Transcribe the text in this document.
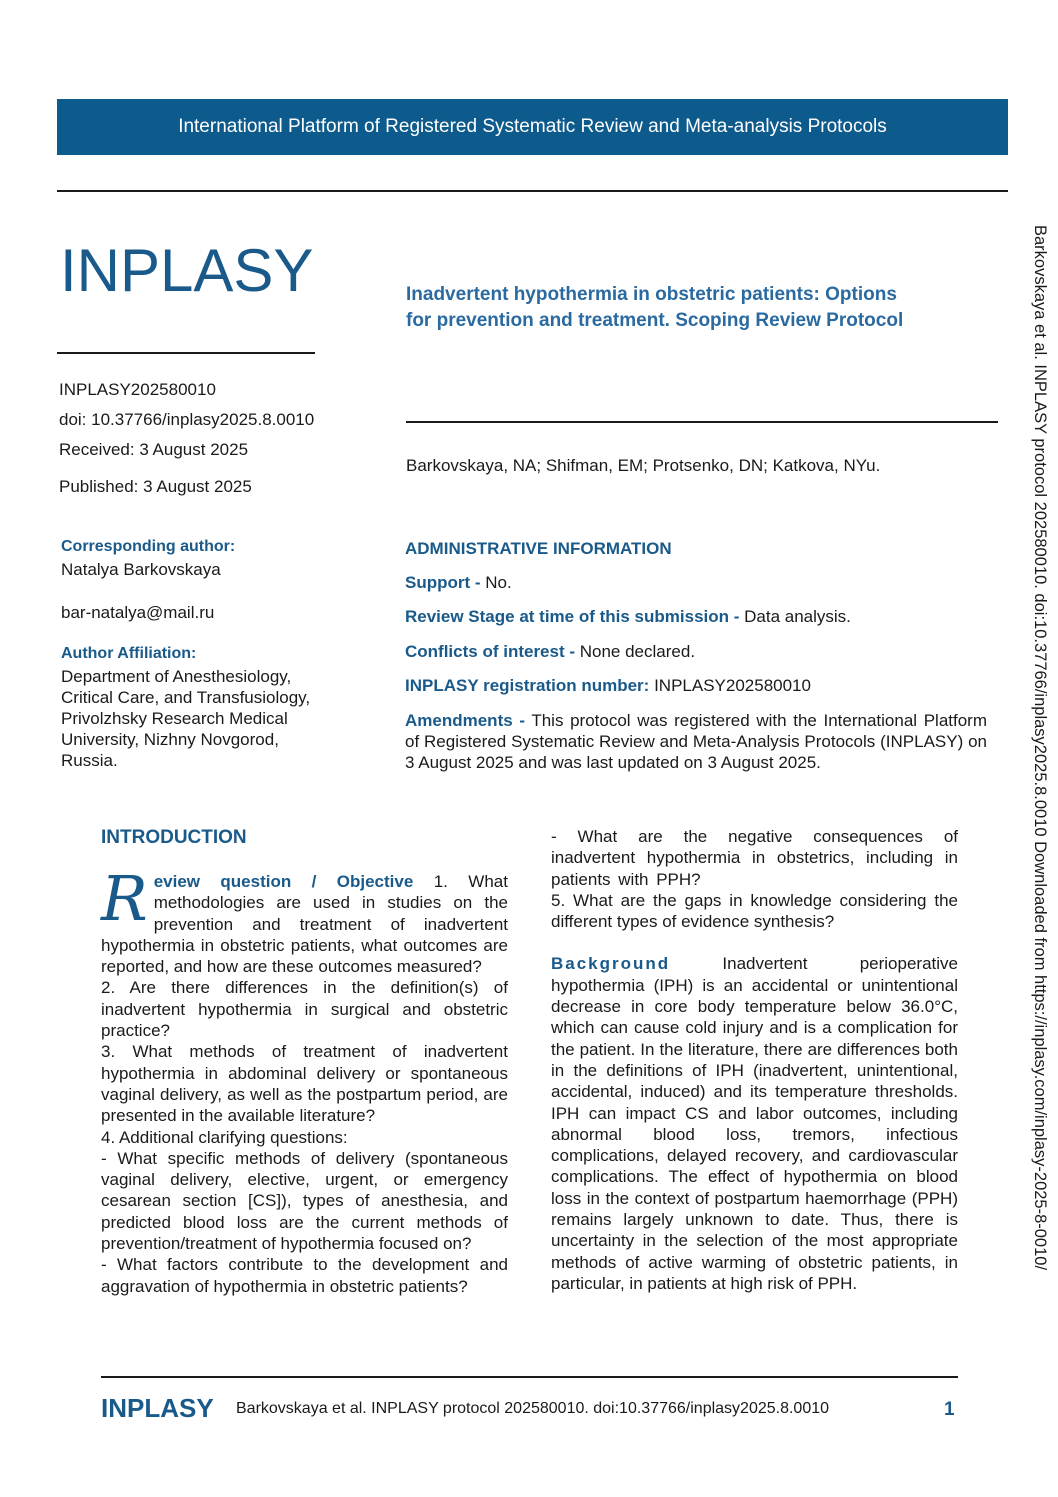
International Platform of Registered Systematic Review and Meta-analysis Protocols
INPLASY	Inadvertent hypothermia in obstetric patients: Options
for prevention and treatment. Scoping Review Protocol
INPLASY202580010
doi: 10.37766/inplasy2025.8.0010
Received: 3 August 2025
Published: 3 August 2025
Barkovskaya, NA; Shifman, EM; Protsenko, DN; Katkova, NYu.
Corresponding author:
Natalya Barkovskaya
bar-natalya@mail.ru
Author Affiliation:
Department of Anesthesiology,
Critical Care, and Transfusiology,
Privolzhsky Research Medical
University, Nizhny Novgorod,
Russia.
ADMINISTRATIVE INFORMATION
Support - No.
Review Stage at time of this submission - Data analysis.
Conflicts of interest - None declared.
INPLASY registration number: INPLASY202580010
Amendments - This protocol was registered with the International Platform of Registered Systematic Review and Meta-Analysis Protocols (INPLASY) on 3 August 2025 and was last updated on 3 August 2025.
INTRODUCTION

Review question / Objective 1. What methodologies are used in studies on the prevention and treatment of inadvertent hypothermia in obstetric patients, what outcomes are reported, and how are these outcomes measured?

2. Are there differences in the definition(s) of inadvertent hypothermia in surgical and obstetric practice?

3. What methods of treatment of inadvertent hypothermia in abdominal delivery or spontaneous vaginal delivery, as well as the postpartum period, are presented in the available literature?

4. Additional clarifying questions:

- What specific methods of delivery (spontaneous vaginal delivery, elective, urgent, or emergency cesarean section [CS]), types of anesthesia, and predicted blood loss are the current methods of prevention/treatment of hypothermia focused on?

- What factors contribute to the development and aggravation of hypothermia in obstetric patients?

- What are the negative consequences of inadvertent hypothermia in obstetrics, including in patients with PPH?

5. What are the gaps in knowledge considering the different types of evidence synthesis?

Background Inadvertent perioperative hypothermia (IPH) is an accidental or unintentional decrease in core body temperature below 36.0°C, which can cause cold injury and is a complication for the patient. In the literature, there are differences both in the definitions of IPH (inadvertent, unintentional, accidental, induced) and its temperature thresholds. IPH can impact CS and labor outcomes, including abnormal blood loss, tremors, infectious complications, delayed recovery, and cardiovascular complications. The effect of hypothermia on blood loss in the context of postpartum haemorrhage (PPH) remains largely unknown to date. Thus, there is uncertainty in the selection of the most appropriate methods of active warming of obstetric patients, in particular, in patients at high risk of PPH.

INPLASY Barkovskaya et al. INPLASY protocol 202580010. doi:10.37766/inplasy2025.8.0010	1
Barkovskaya et al. INPLASY protocol 202580010. doi:10.37766/inplasy2025.8.0010 Downloaded from https://inplasy.com/inplasy-2025-8-0010/
